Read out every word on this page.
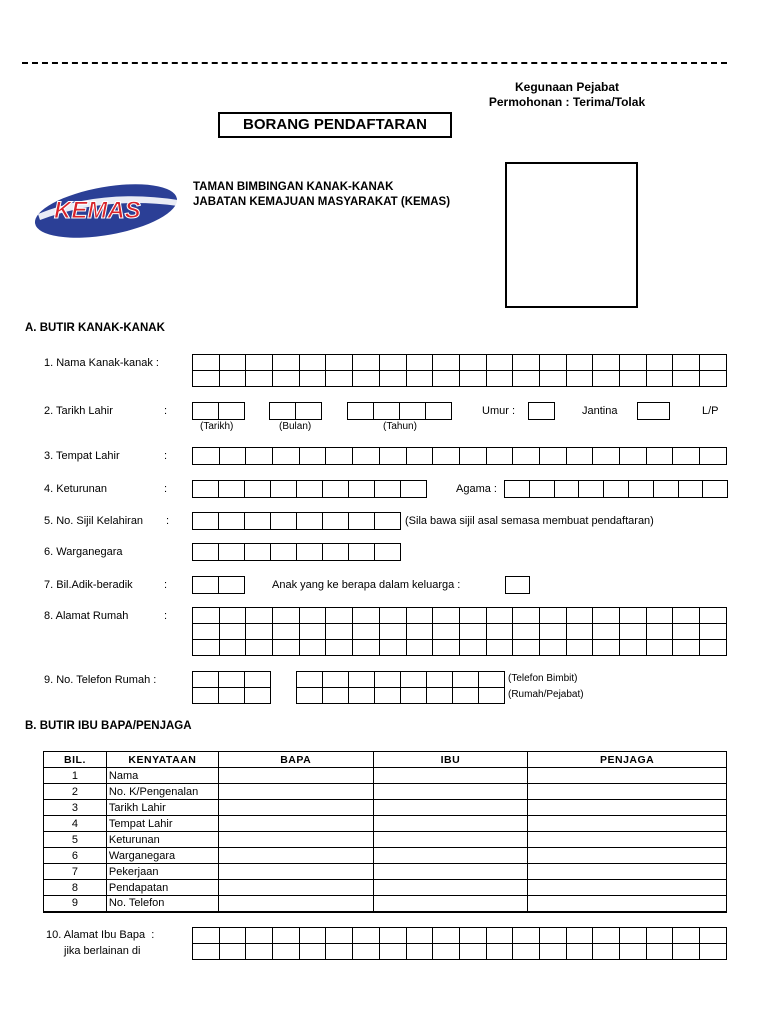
Kegunaan Pejabat
Permohonan : Terima/Tolak
BORANG PENDAFTARAN
KEMAS
TAMAN BIMBINGAN KANAK-KANAK
JABATAN KEMAJUAN MASYARAKAT (KEMAS)
A. BUTIR KANAK-KANAK
1. Nama Kanak-kanak :

2. Tarikh Lahir	:

(Tarikh)	(Bulan)	(Tahun)
Umur :	Jantina	L/P
3. Tempat Lahir	:

4. Keturunan	:
									Agama :

5. No. Sijil Kelahiran :
								(Sila bawa sijil asal semasa membuat pendaftaran)
6. Warganegara

7. Bil.Adik-beradik	:
		Anak yang ke berapa dalam keluarga :
8. Alamat Rumah	:

9. No. Telefon Rumah :

								(Telefon Bimbit)
(Rumah/Pejabat)
B. BUTIR IBU BAPA/PENJAGA
BIL.	KENYATAAN	BAPA	IBU	PENJAGA
1	Nama			
2	No. K/Pengenalan			
3	Tarikh Lahir			
4	Tempat Lahir			
5	Keturunan			
6	Warganegara			
7	Pekerjaan			
8	Pendapatan			
9	No. Telefon			
10. Alamat Ibu Bapa :
jika berlainan di
